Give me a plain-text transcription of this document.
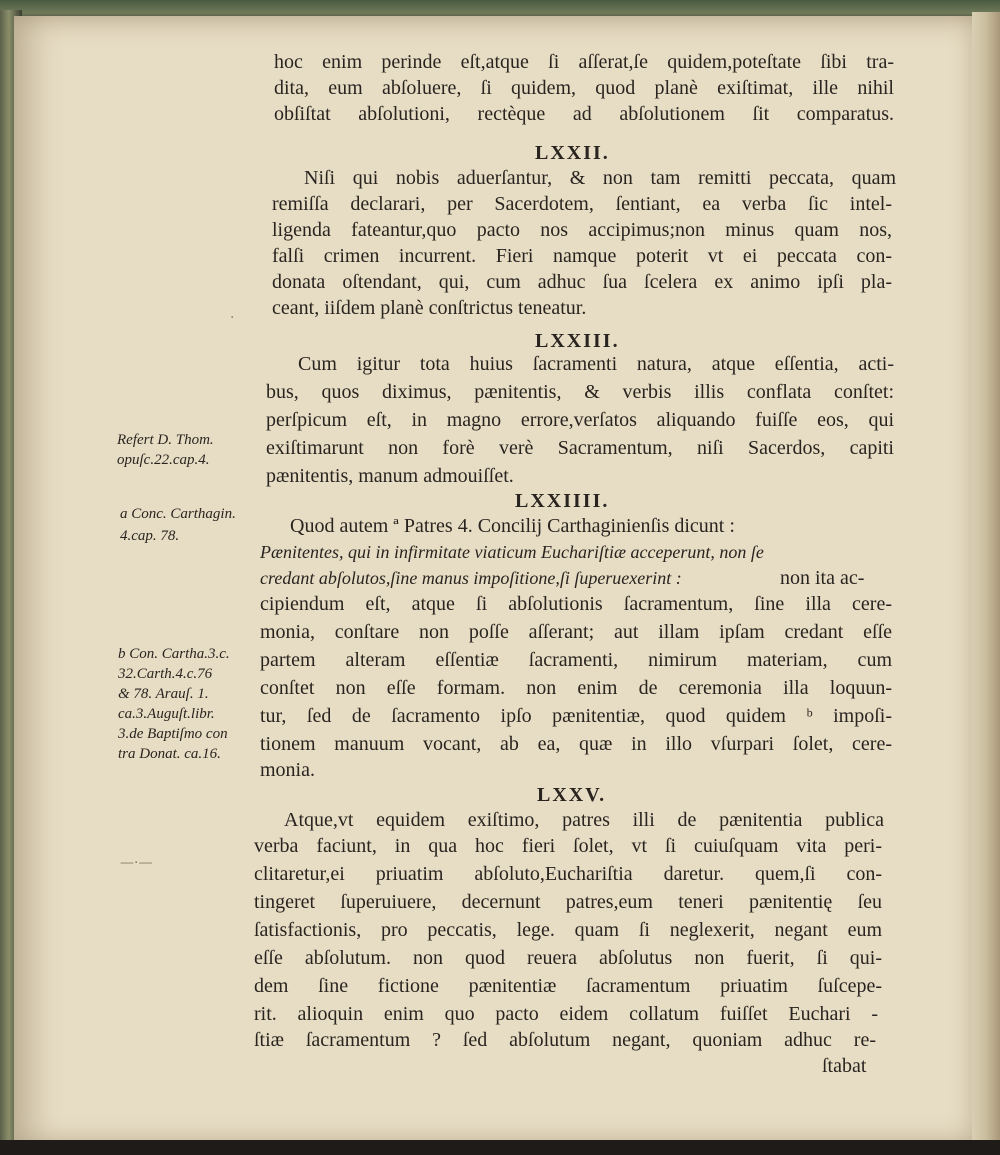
hoc enim perinde eſt,atque ſi aſſerat,ſe quidem,poteſtate ſibi tra-

dita, eum abſoluere, ſi quidem, quod planè exiſtimat, ille nihil

obſiſtat abſolutioni, rectèque ad abſolutionem ſit comparatus.

LXXII.

Niſi qui nobis aduerſantur, & non tam remitti peccata, quam

remiſſa declarari, per Sacerdotem, ſentiant, ea verba ſic intel-

ligenda fateantur,quo pacto nos accipimus;non minus quam nos,

falſi crimen incurrent. Fieri namque poterit vt ei peccata con-

donata oſtendant, qui, cum adhuc ſua ſcelera ex animo ipſi pla-

ceant, iiſdem planè conſtrictus teneatur.

LXXIII.

Cum igitur tota huius ſacramenti natura, atque eſſentia, acti-

bus, quos diximus, pænitentis, & verbis illis conflata conſtet:

perſpicum eſt, in magno errore,verſatos aliquando fuiſſe eos, qui

exiſtimarunt non forè verè Sacramentum, niſi Sacerdos, capiti

pænitentis, manum admouiſſet.

LXXIIII.

Quod autem ª Patres 4. Concilij Carthaginienſis dicunt :

Pænitentes, qui in infirmitate viaticum Euchariſtiæ acceperunt, non ſe

credant abſolutos,ſine manus impoſitione,ſi ſuperuexerint :	non ita ac-

cipiendum eſt, atque ſi abſolutionis ſacramentum, ſine illa cere-

monia, conſtare non poſſe aſſerant; aut illam ipſam credant eſſe

partem alteram eſſentiæ ſacramenti, nimirum materiam, cum

conſtet non eſſe formam. non enim de ceremonia illa loquun-

tur, ſed de ſacramento ipſo pænitentiæ, quod quidem ᵇ impoſi-

tionem manuum vocant, ab ea, quæ in illo vſurpari ſolet, cere-

monia.

LXXV.

Atque,vt equidem exiſtimo, patres illi de pænitentia publica

verba faciunt, in qua hoc fieri ſolet, vt ſi cuiuſquam vita peri-

clitaretur,ei priuatim abſoluto,Euchariſtia daretur. quem,ſi con-

tingeret ſuperuiuere, decernunt patres,eum teneri pænitentię ſeu

ſatisfactionis, pro peccatis, lege. quam ſi neglexerit, negant eum

eſſe abſolutum. non quod reuera abſolutus non fuerit, ſi qui-

dem ſine fictione pænitentiæ ſacramentum priuatim ſuſcepe-

rit. alioquin enim quo pacto eidem collatum fuiſſet Euchari -

ſtiæ ſacramentum ? ſed abſolutum negant, quoniam adhuc re-

ſtabat

Refert D. Thom.

opuſc.22.cap.4.

a Conc. Carthagin.

4.cap. 78.

b Con. Cartha.3.c.

32.Carth.4.c.76

& 78. Arauſ. 1.

ca.3.Auguſt.libr.

3.de Baptiſmo con

tra Donat. ca.16.

—·—
·
